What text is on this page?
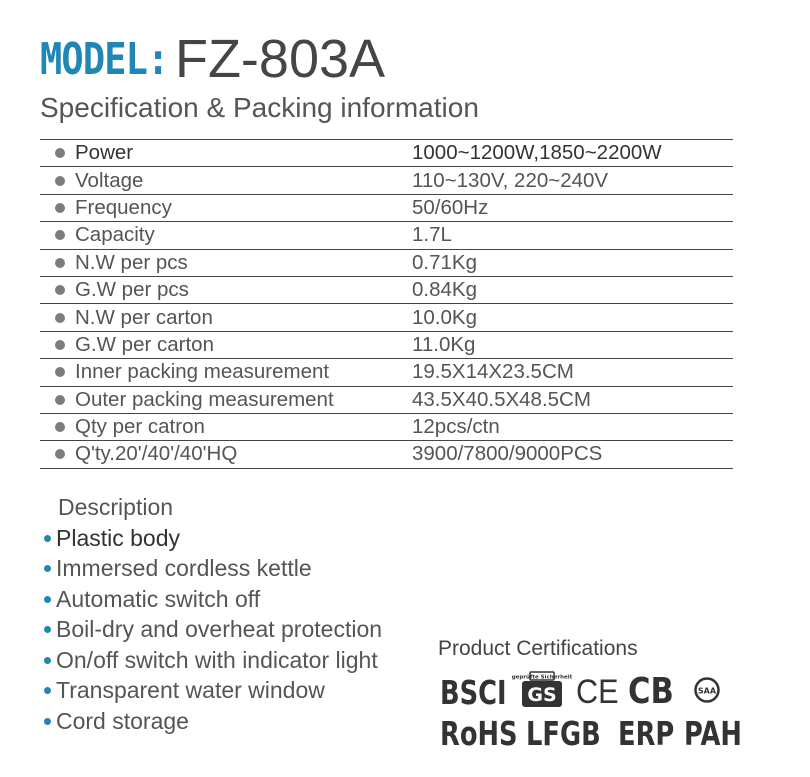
MODEL: FZ-803A
Specification & Packing information
Power	1000~1200W,1850~2200W
Voltage	110~130V, 220~240V
Frequency	50/60Hz
Capacity	1.7L
N.W per pcs	0.71Kg
G.W per pcs	0.84Kg
N.W per carton	10.0Kg
G.W per carton	11.0Kg
Inner packing measurement	19.5X14X23.5CM
Outer packing measurement	43.5X40.5X48.5CM
Qty per catron	12pcs/ctn
Q'ty.20'/40'/40'HQ	3900/7800/9000PCS
Description
Plastic body
Immersed cordless kettle
Automatic switch off
Boil-dry and overheat protection
On/off switch with indicator light
Transparent water window
Cord storage
Product Certifications
BSCI geprüfte Sicherheit
GS CE CB	SAA
RoHS LFGB ERP PAH
